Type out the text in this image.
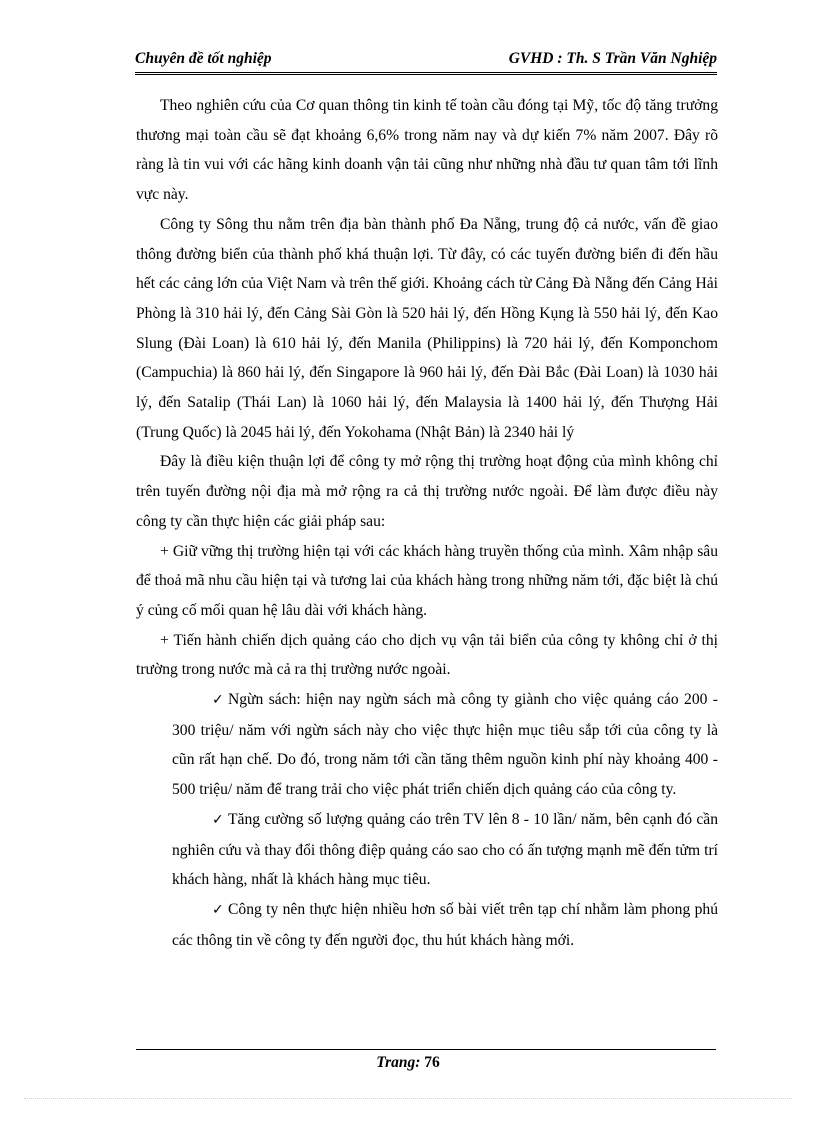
Chuyên đề tốt nghiệp	GVHD : Th. S Trần Văn Nghiệp

Theo nghiên cứu của Cơ quan thông tin kinh tế toàn cầu đóng tại Mỹ, tốc độ tăng trưởng thương mại toàn cầu sẽ đạt khoảng 6,6% trong năm nay và dự kiến 7% năm 2007. Đây rõ ràng là tin vui với các hãng kinh doanh vận tải cũng như những nhà đầu tư quan tâm tới lĩnh vực này.

Công ty Sông thu nằm trên địa bàn thành phố Đa Nẵng, trung độ cả nước, vấn đề giao thông đường biển của thành phố khá thuận lợi. Từ đây, có các tuyến đường biển đi đến hầu hết các cảng lớn của Việt Nam và trên thế giới. Khoảng cách từ Cảng Đà Nẵng đến Cảng Hải Phòng là 310 hải lý, đến Cảng Sài Gòn là 520 hải lý, đến Hồng Kụng là 550 hải lý, đến Kao Slung (Đài Loan) là 610 hải lý, đến Manila (Philippins) là 720 hải lý, đến Komponchom (Campuchia) là 860 hải lý, đến Singapore là 960 hải lý, đến Đài Bắc (Đài Loan) là 1030 hải lý, đến Satalip (Thái Lan) là 1060 hải lý, đến Malaysia là 1400 hải lý, đến Thượng Hải (Trung Quốc) là 2045 hải lý, đến Yokohama (Nhật Bản) là 2340 hải lý

Đây là điều kiện thuận lợi để công ty mở rộng thị trường hoạt động của mình không chỉ trên tuyến đường nội địa mà mở rộng ra cả thị trường nước ngoài. Để làm được điều này công ty cần thực hiện các giải pháp sau:

+ Giữ vững thị trường hiện tại với các khách hàng truyền thống của mình. Xâm nhập sâu để thoả mã nhu cầu hiện tại và tương lai của khách hàng trong những năm tới, đặc biệt là chú ý củng cố mối quan hệ lâu dài với khách hàng.

+ Tiến hành chiến dịch quảng cáo cho dịch vụ vận tải biển của công ty không chỉ ở thị trường trong nước mà cả ra thị trường nước ngoài.

✓ Ngừn sách: hiện nay ngừn sách mà công ty giành cho việc quảng cáo 200 - 300 triệu/ năm với ngừn sách này cho việc thực hiện mục tiêu sắp tới của công ty là cũn rất hạn chế. Do đó, trong năm tới cần tăng thêm nguồn kinh phí này khoảng 400 - 500 triệu/ năm để trang trải cho việc phát triển chiến dịch quảng cáo của công ty.
✓ Tăng cường số lượng quảng cáo trên TV lên 8 - 10 lần/ năm, bên cạnh đó cần nghiên cứu và thay đổi thông điệp quảng cáo sao cho có ấn tượng mạnh mẽ đến tửm trí khách hàng, nhất là khách hàng mục tiêu.
✓ Công ty nên thực hiện nhiều hơn số bài viết trên tạp chí nhằm làm phong phú các thông tin về công ty đến người đọc, thu hút khách hàng mới.
Trang: 76
